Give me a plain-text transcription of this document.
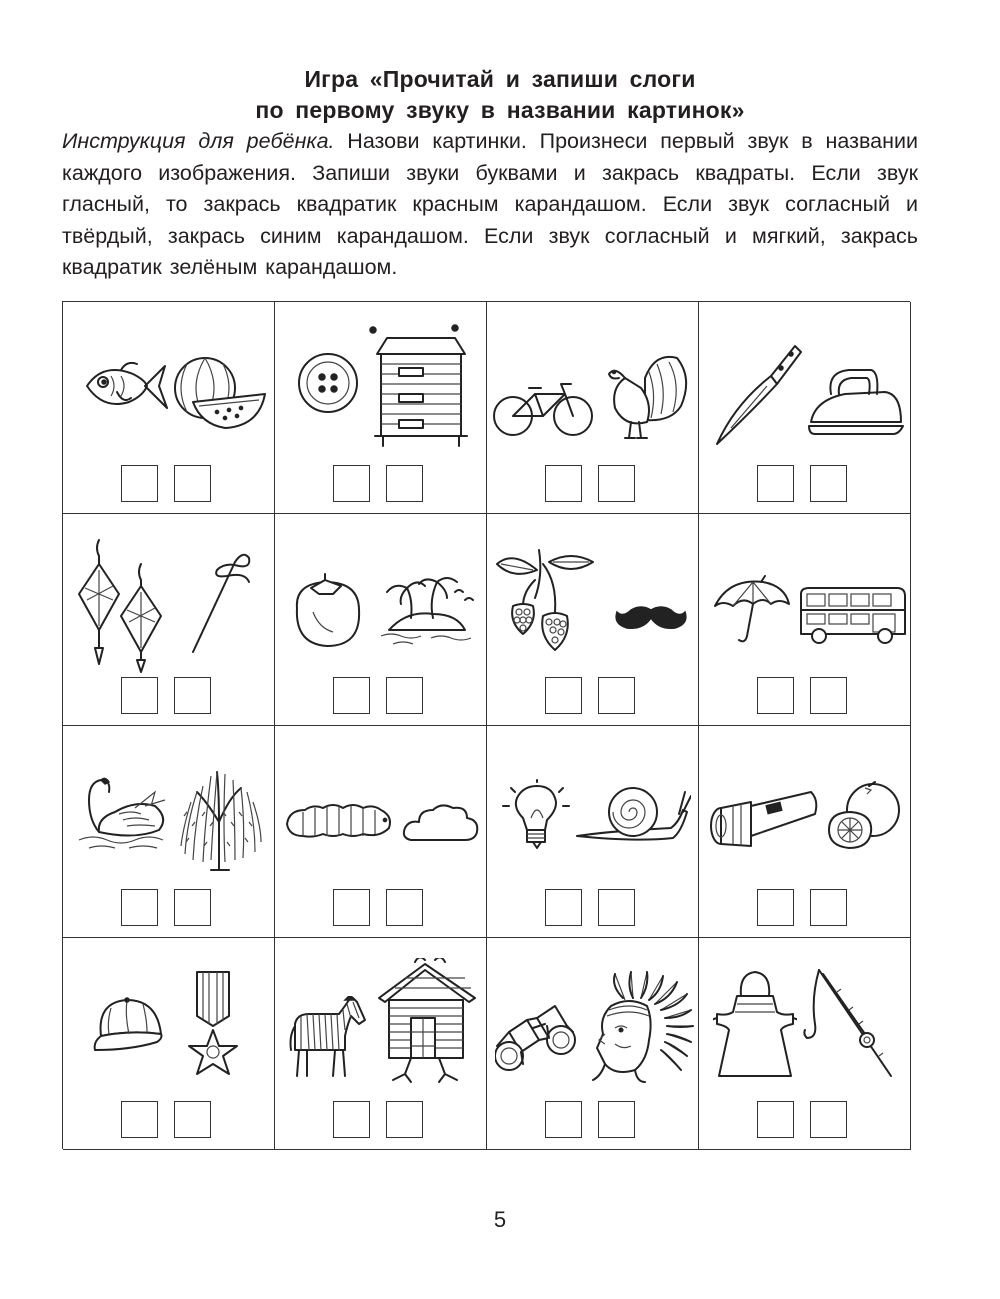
Игра «Прочитай и запиши слоги
по первому звуку в названии картинок»
Инструкция для ребёнка. Назови картинки. Произнеси первый звук в названии каждого изображения. Запиши звуки буквами и закрась квадраты. Если звук гласный, то закрась квадратик красным карандашом. Если звук согласный и твёрдый, закрась синим карандашом. Если звук согласный и мягкий, закрась квадратик зелёным карандашом.
5
